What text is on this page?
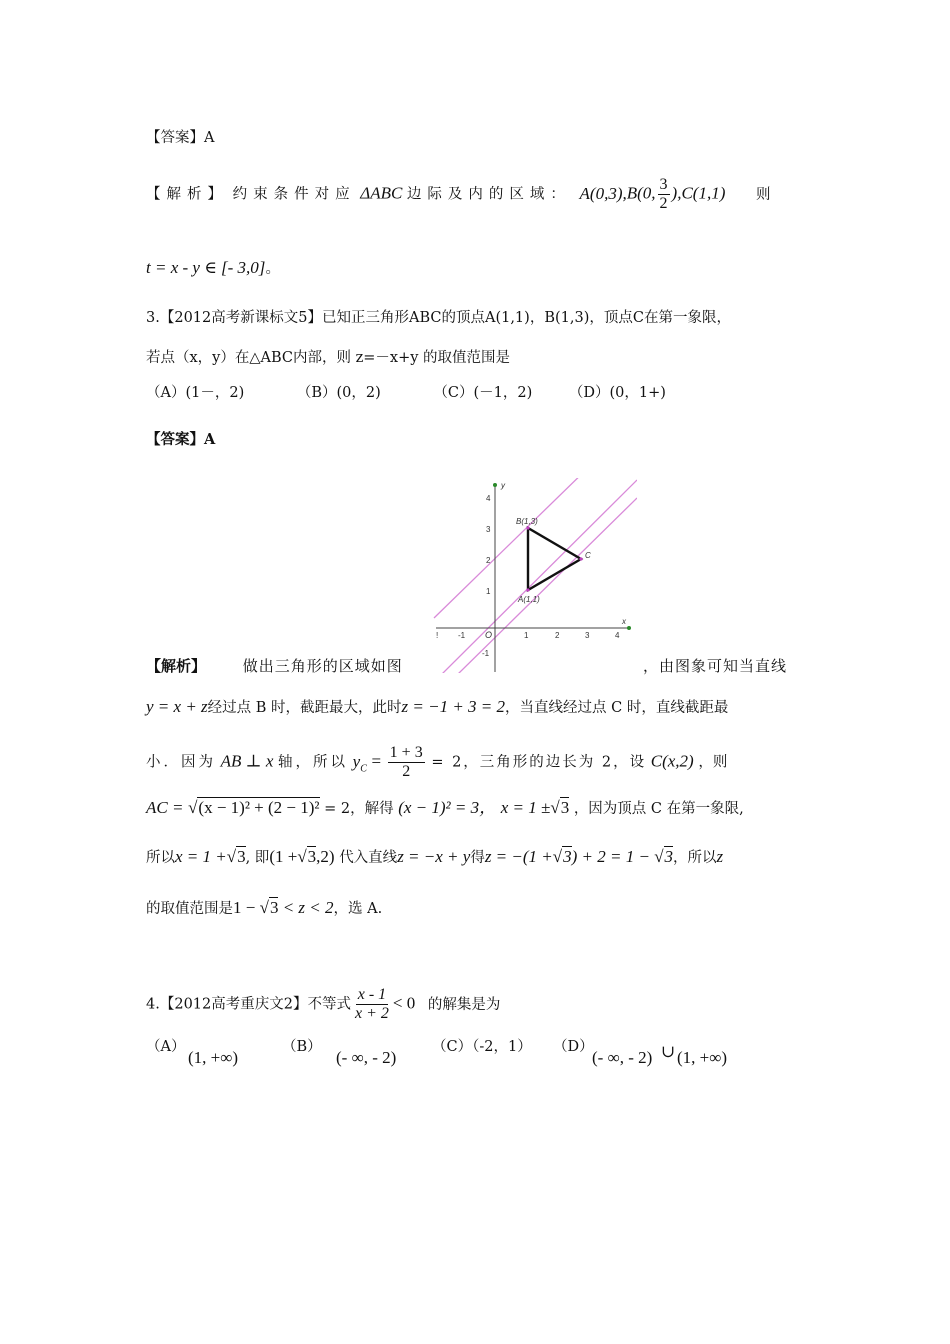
【答案】A
【解析】 约束条件对应 ΔABC 边际及内的区域： A(0,3),B(0, $\frac{3}{2} ),C(1,1)$ 则
t = x - y ∈ [- 3,0]。
3.【2012高考新课标文5】已知正三角形ABC的顶点A(1,1)，B(1,3)，顶点C在第一象限，
若点（x，y）在△ABC内部，则 z=－x+y 的取值范围是
（A）(1－，2)	（B）(0，2)	（C）(－1，2)	（D）(0，1+)
【答案】A
y
x
O
! -1	1	2	3	4
1
2
3
4
-1
B(1,3)
A(1,1)
C
【解析】 做出三角形的区域如图	，由图象可知当直线
y = x + z经过点 B 时，截距最大，此时z = −1 + 3 = 2，当直线经过点 C 时，直线截距最
小．因为 AB ⊥ x 轴，所以 $y_C = \frac{1 + 3}{2} = 2$，三角形的边长为 2，设 C(x,2) ，则
AC = √(x − 1)² + (2 − 1)² = 2，解得 (x − 1)² = 3， x = 1 ±√3 ，因为顶点 C 在第一象限,
所以x = 1 +√3, 即(1 +√3,2) 代入直线z = −x + y得z = −(1 +√3) + 2 = 1 − √3，所以z
的取值范围是1 − √3 < z < 2，选 A.
4.【2012高考重庆文2】不等式 $\frac{x - 1}{x + 2} < 0$ 的解集是为
（A）
(1, +∞)
（B）
(- ∞, - 2)
（C）（-2，1） （D）
(- ∞, - 2) ∪ (1, +∞)
